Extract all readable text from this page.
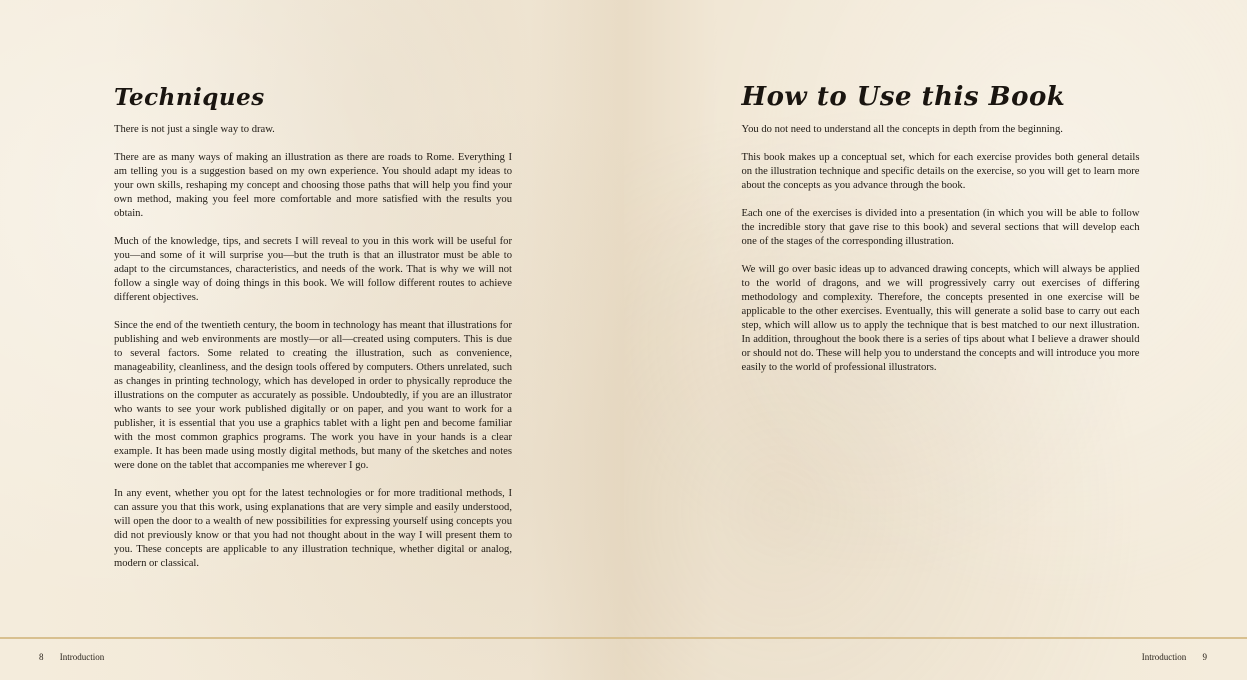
Techniques

There is not just a single way to draw.

There are as many ways of making an illustration as there are roads to Rome. Everything I am telling you is a suggestion based on my own experience. You should adapt my ideas to your own skills, reshaping my concept and choosing those paths that will help you find your own method, making you feel more comfortable and more satisfied with the results you obtain.

Much of the knowledge, tips, and secrets I will reveal to you in this work will be useful for you—and some of it will surprise you—but the truth is that an illustrator must be able to adapt to the circumstances, characteristics, and needs of the work. That is why we will not follow a single way of doing things in this book. We will follow different routes to achieve different objectives.

Since the end of the twentieth century, the boom in technology has meant that illustrations for publishing and web environments are mostly—or all—created using computers. This is due to several factors. Some related to creating the illustration, such as convenience, manageability, cleanliness, and the design tools offered by computers. Others unrelated, such as changes in printing technology, which has developed in order to physically reproduce the illustrations on the computer as accurately as possible. Undoubtedly, if you are an illustrator who wants to see your work published digitally or on paper, and you want to work for a publisher, it is essential that you use a graphics tablet with a light pen and become familiar with the most common graphics programs. The work you have in your hands is a clear example. It has been made using mostly digital methods, but many of the sketches and notes were done on the tablet that accompanies me wherever I go.

In any event, whether you opt for the latest technologies or for more traditional methods, I can assure you that this work, using explanations that are very simple and easily understood, will open the door to a wealth of new possibilities for expressing yourself using concepts you did not previously know or that you had not thought about in the way I will present them to you. These concepts are applicable to any illustration technique, whether digital or analog, modern or classical.

8 Introduction
How to Use this Book

You do not need to understand all the concepts in depth from the beginning.

This book makes up a conceptual set, which for each exercise provides both general details on the illustration technique and specific details on the exercise, so you will get to learn more about the concepts as you advance through the book.

Each one of the exercises is divided into a presentation (in which you will be able to follow the incredible story that gave rise to this book) and several sections that will develop each one of the stages of the corresponding illustration.

We will go over basic ideas up to advanced drawing concepts, which will always be applied to the world of dragons, and we will progressively carry out exercises of differing methodology and complexity. Therefore, the concepts presented in one exercise will be applicable to the other exercises. Eventually, this will generate a solid base to carry out each step, which will allow us to apply the technique that is best matched to our next illustration. In addition, throughout the book there is a series of tips about what I believe a drawer should or should not do. These will help you to understand the concepts and will introduce you more easily to the world of professional illustrators.

Introduction 9
